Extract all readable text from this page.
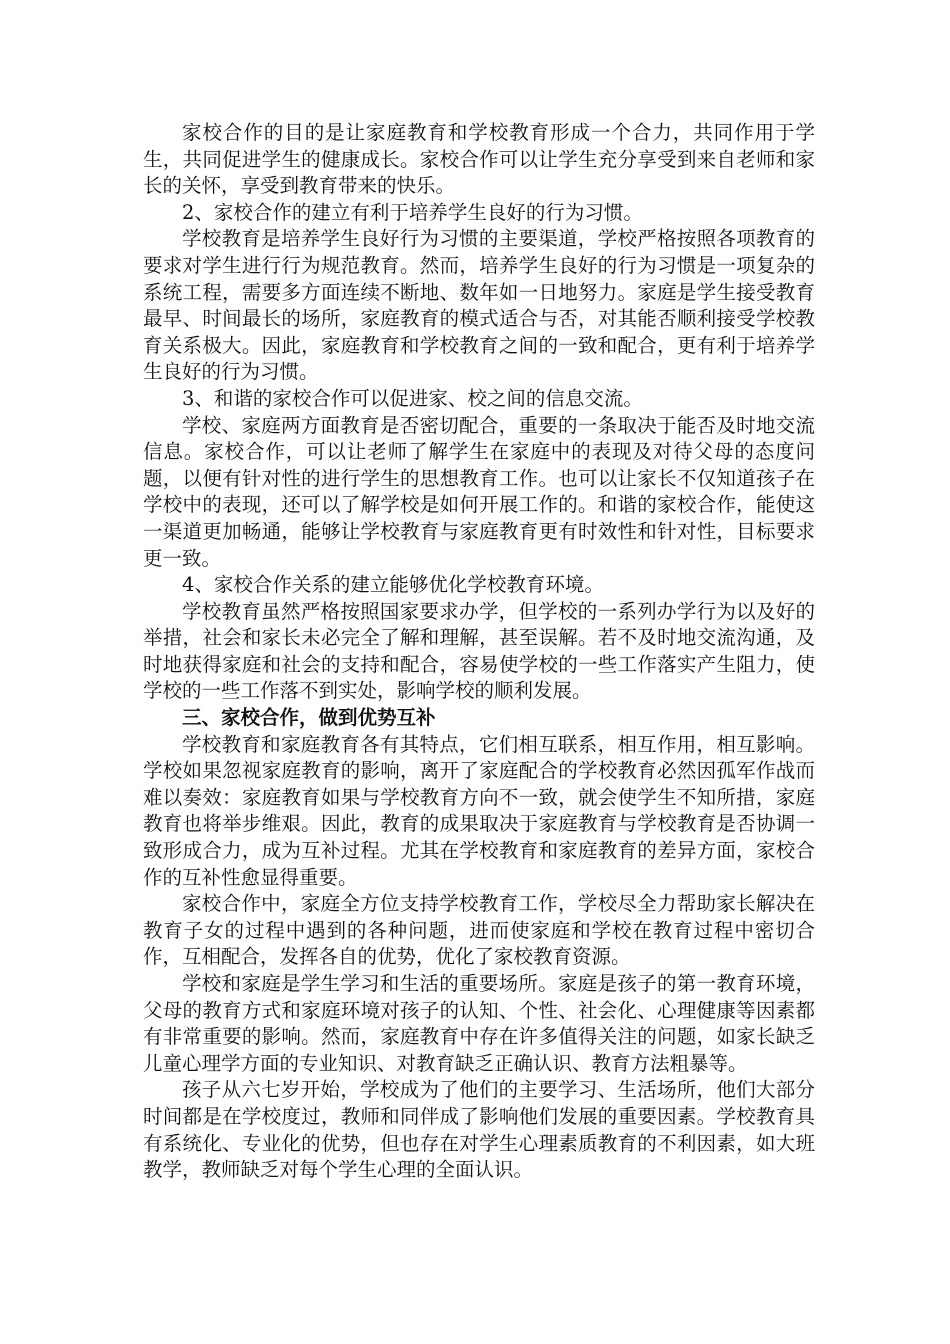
家校合作的目的是让家庭教育和学校教育形成一个合力，共同作用于学生，共同促进学生的健康成长。家校合作可以让学生充分享受到来自老师和家长的关怀，享受到教育带来的快乐。

2、家校合作的建立有利于培养学生良好的行为习惯。

学校教育是培养学生良好行为习惯的主要渠道，学校严格按照各项教育的要求对学生进行行为规范教育。然而，培养学生良好的行为习惯是一项复杂的系统工程，需要多方面连续不断地、数年如一日地努力。家庭是学生接受教育最早、时间最长的场所，家庭教育的模式适合与否，对其能否顺利接受学校教育关系极大。因此，家庭教育和学校教育之间的一致和配合，更有利于培养学生良好的行为习惯。

3、和谐的家校合作可以促进家、校之间的信息交流。

学校、家庭两方面教育是否密切配合，重要的一条取决于能否及时地交流信息。家校合作，可以让老师了解学生在家庭中的表现及对待父母的态度问题，以便有针对性的进行学生的思想教育工作。也可以让家长不仅知道孩子在学校中的表现，还可以了解学校是如何开展工作的。和谐的家校合作，能使这一渠道更加畅通，能够让学校教育与家庭教育更有时效性和针对性，目标要求更一致。

4、家校合作关系的建立能够优化学校教育环境。

学校教育虽然严格按照国家要求办学，但学校的一系列办学行为以及好的举措，社会和家长未必完全了解和理解，甚至误解。若不及时地交流沟通，及时地获得家庭和社会的支持和配合，容易使学校的一些工作落实产生阻力，使学校的一些工作落不到实处，影响学校的顺利发展。

三、家校合作，做到优势互补

学校教育和家庭教育各有其特点，它们相互联系，相互作用，相互影响。学校如果忽视家庭教育的影响，离开了家庭配合的学校教育必然因孤军作战而难以奏效：家庭教育如果与学校教育方向不一致，就会使学生不知所措，家庭教育也将举步维艰。因此，教育的成果取决于家庭教育与学校教育是否协调一致形成合力，成为互补过程。尤其在学校教育和家庭教育的差异方面，家校合作的互补性愈显得重要。

家校合作中，家庭全方位支持学校教育工作，学校尽全力帮助家长解决在教育子女的过程中遇到的各种问题，进而使家庭和学校在教育过程中密切合作，互相配合，发挥各自的优势，优化了家校教育资源。

学校和家庭是学生学习和生活的重要场所。家庭是孩子的第一教育环境，父母的教育方式和家庭环境对孩子的认知、个性、社会化、心理健康等因素都有非常重要的影响。然而，家庭教育中存在许多值得关注的问题，如家长缺乏儿童心理学方面的专业知识、对教育缺乏正确认识、教育方法粗暴等。

孩子从六七岁开始，学校成为了他们的主要学习、生活场所，他们大部分时间都是在学校度过，教师和同伴成了影响他们发展的重要因素。学校教育具有系统化、专业化的优势，但也存在对学生心理素质教育的不利因素，如大班教学，教师缺乏对每个学生心理的全面认识。
